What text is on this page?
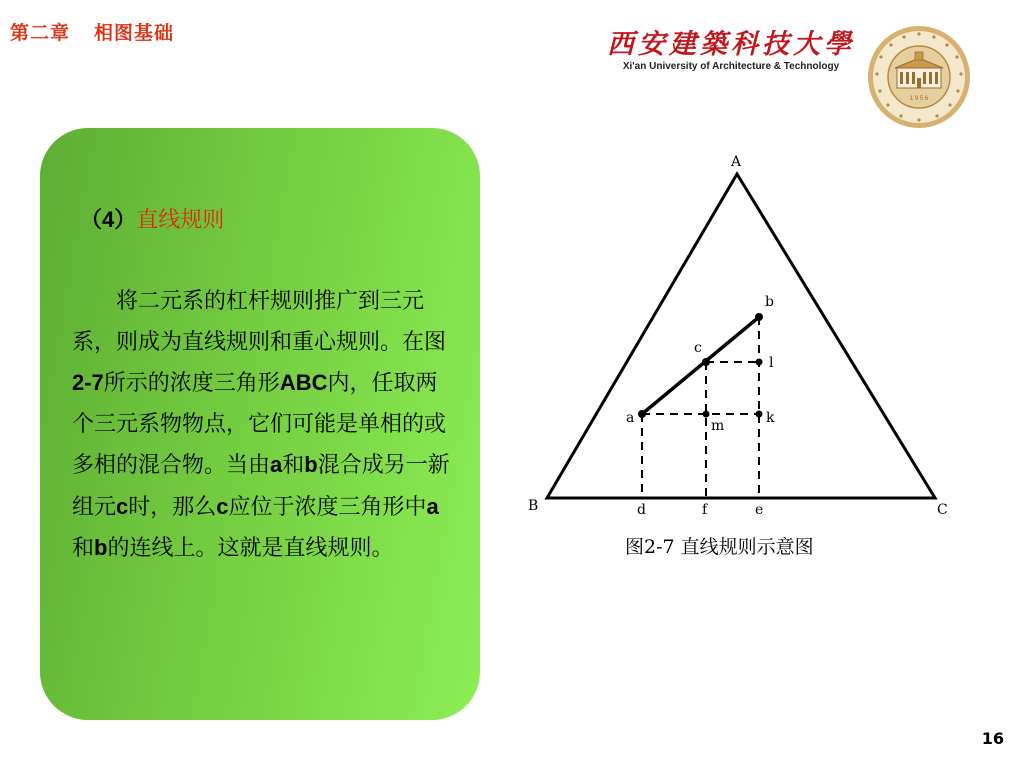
第二章 相图基础	西安建築科技大學
Xi'an University of Architecture & Technology
1 9 5 6
（4）直线规则
将二元系的杠杆规则推广到三元系，则成为直线规则和重心规则。在图2-7所示的浓度三角形ABC内，任取两个三元系物物点，它们可能是单相的或多相的混合物。当由a和b混合成另一新组元c时，那么c应位于浓度三角形中a和b的连线上。这就是直线规则。
A
B	C
a
b
c
l
k
m
d	f	e
图2-7 直线规则示意图
16
